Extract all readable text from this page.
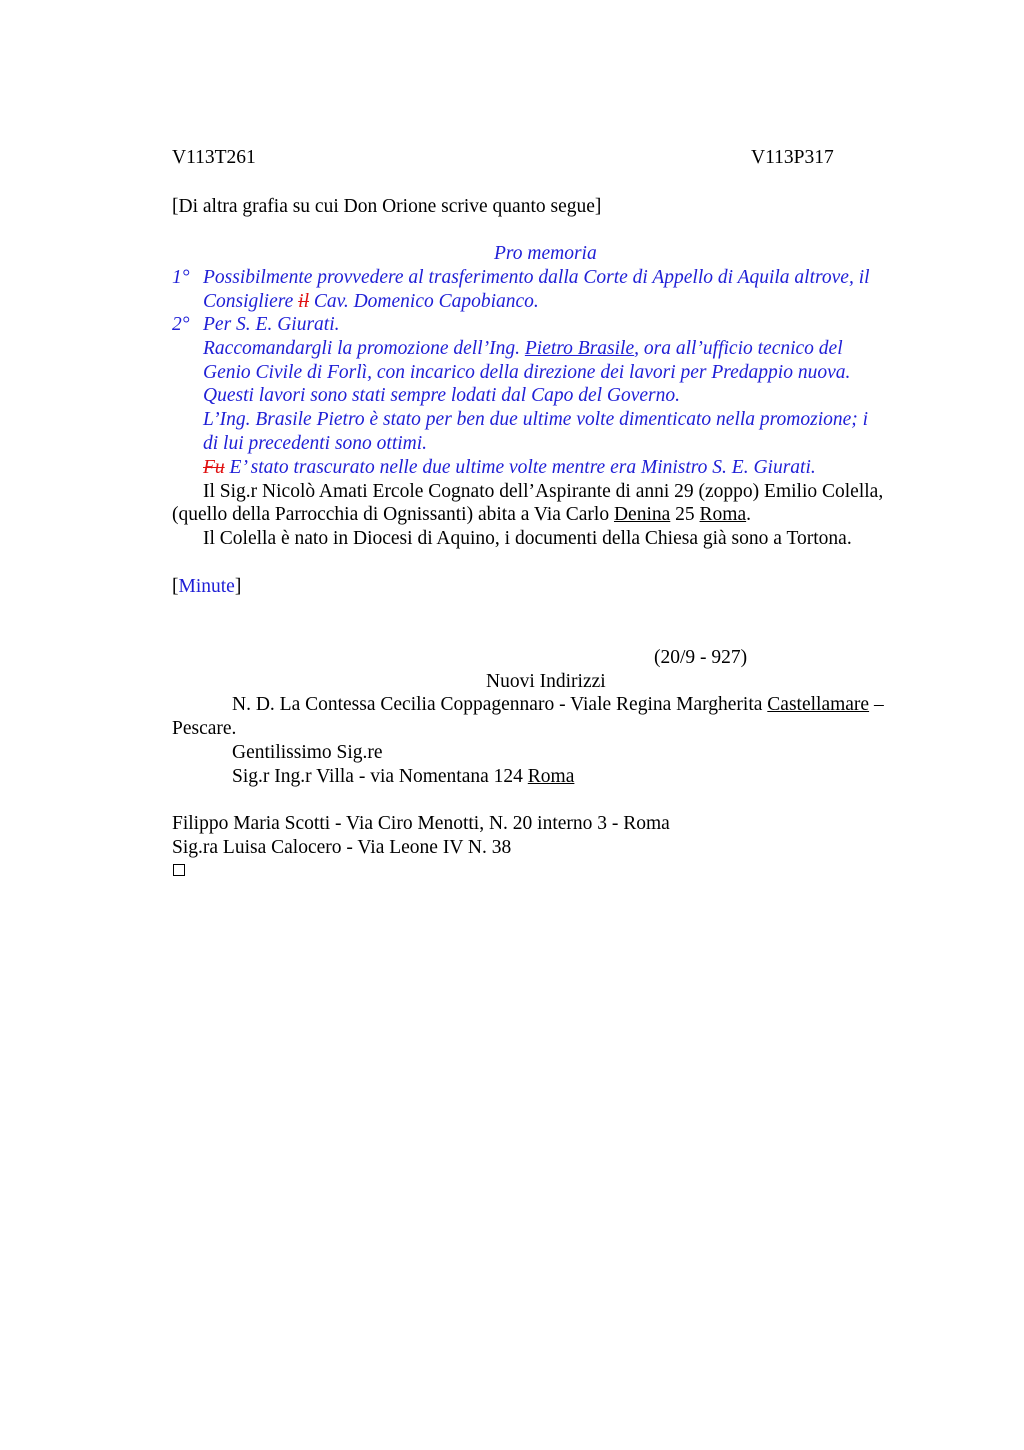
V113T261	V113P317
[Di altra grafia su cui Don Orione scrive quanto segue]
Pro memoria
1° Possibilmente provvedere al trasferimento dalla Corte di Appello di Aquila altrove, il
Consigliere il Cav. Domenico Capobianco.
2° Per S. E. Giurati.
Raccomandargli la promozione dell’Ing. Pietro Brasile, ora all’ufficio tecnico del
Genio Civile di Forlì, con incarico della direzione dei lavori per Predappio nuova.
Questi lavori sono stati sempre lodati dal Capo del Governo.
L’Ing. Brasile Pietro è stato per ben due ultime volte dimenticato nella promozione; i
di lui precedenti sono ottimi.
Fu E’ stato trascurato nelle due ultime volte mentre era Ministro S. E. Giurati.
Il Sig.r Nicolò Amati Ercole Cognato dell’Aspirante di anni 29 (zoppo) Emilio Colella,
(quello della Parrocchia di Ognissanti) abita a Via Carlo Denina 25 Roma.
Il Colella è nato in Diocesi di Aquino, i documenti della Chiesa già sono a Tortona.
[Minute]
(20/9 - 927)
Nuovi Indirizzi
N. D. La Contessa Cecilia Coppagennaro - Viale Regina Margherita Castellamare –
Pescare.
Gentilissimo Sig.re
Sig.r Ing.r Villa - via Nomentana 124 Roma
Filippo Maria Scotti - Via Ciro Menotti, N. 20 interno 3 - Roma
Sig.ra Luisa Calocero - Via Leone IV N. 38
